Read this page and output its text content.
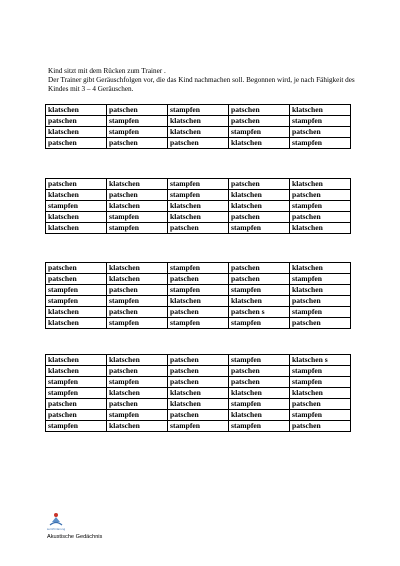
Kind sitzt mit dem Rücken zum Trainer .

Der Trainer gibt Geräuschfolgen vor, die das Kind nachmachen soll. Begonnen wird, je nach Fähigkeit des Kindes mit 3 – 4 Geräuschen.

klatschen	patschen	stampfen	patschen	klatschen
patschen	stampfen	klatschen	patschen	stampfen
klatschen	stampfen	klatschen	stampfen	patschen
patschen	patschen	patschen	klatschen	stampfen
patschen	klatschen	stampfen	patschen	klatschen
klatschen	patschen	stampfen	klatschen	patschen
stampfen	klatschen	klatschen	klatschen	stampfen
klatschen	stampfen	klatschen	patschen	patschen
klatschen	stampfen	patschen	stampfen	klatschen
patschen	klatschen	stampfen	patschen	klatschen
patschen	klatschen	patschen	patschen	stampfen
stampfen	patschen	stampfen	stampfen	klatschen
stampfen	stampfen	klatschen	klatschen	patschen
klatschen	patschen	patschen	patschen s	stampfen
klatschen	stampfen	stampfen	stampfen	patschen
klatschen	klatschen	patschen	stampfen	klatschen s
klatschen	patschen	patschen	patschen	stampfen
stampfen	stampfen	patschen	patschen	stampfen
stampfen	klatschen	klatschen	klatschen	klatschen
patschen	patschen	klatschen	stampfen	patschen
patschen	stampfen	patschen	klatschen	stampfen
stampfen	klatschen	stampfen	stampfen	patschen
Lernförderung
Akustische Gedächnis
